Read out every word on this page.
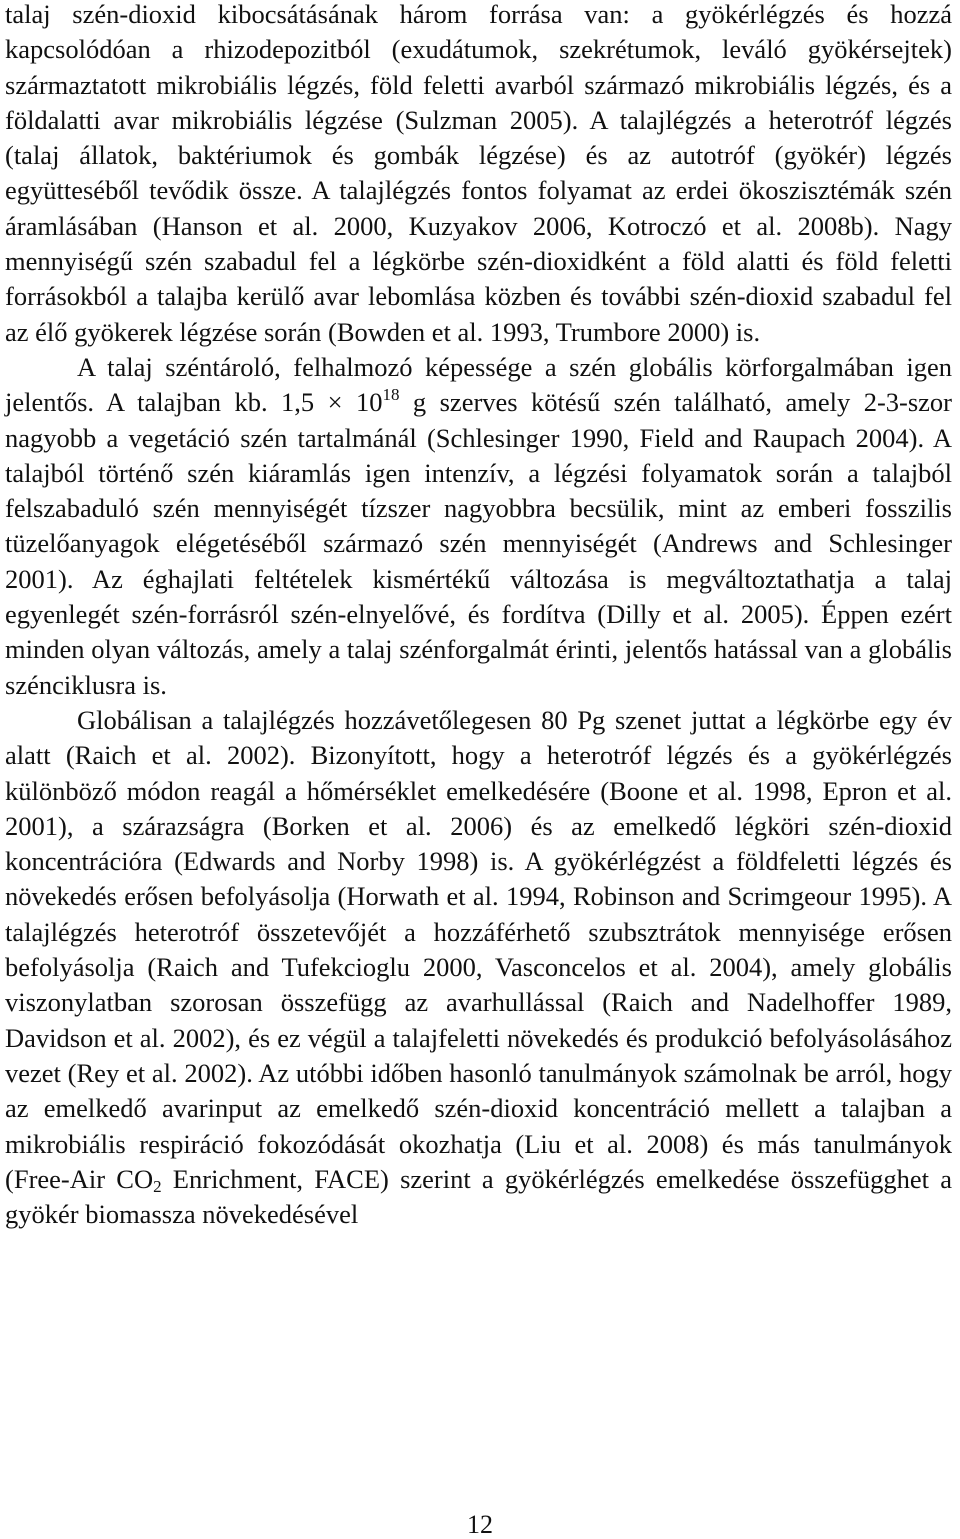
talaj szén-dioxid kibocsátásának három forrása van: a gyökérlégzés és hozzá kapcsolódóan a rhizodepozitból (exudátumok, szekrétumok, leváló gyökérsejtek) származtatott mikrobiális légzés, föld feletti avarból származó mikrobiális légzés, és a földalatti avar mikrobiális légzése (Sulzman 2005). A talajlégzés a heterotróf légzés (talaj állatok, baktériumok és gombák légzése) és az autotróf (gyökér) légzés együtteséből tevődik össze. A talajlégzés fontos folyamat az erdei ökoszisztémák szén áramlásában (Hanson et al. 2000, Kuzyakov 2006, Kotroczó et al. 2008b). Nagy mennyiségű szén szabadul fel a légkörbe szén-dioxidként a föld alatti és föld feletti forrásokból a talajba kerülő avar lebomlása közben és további szén-dioxid szabadul fel az élő gyökerek légzése során (Bowden et al. 1993, Trumbore 2000) is.

A talaj széntároló, felhalmozó képessége a szén globális körforgalmában igen jelentős. A talajban kb. $1,5 \times 10^{18}$ g szerves kötésű szén található, amely 2-3-szor nagyobb a vegetáció szén tartalmánál (Schlesinger 1990, Field and Raupach 2004). A talajból történő szén kiáramlás igen intenzív, a légzési folyamatok során a talajból felszabaduló szén mennyiségét tízszer nagyobbra becsülik, mint az emberi fosszilis tüzelőanyagok elégetéséből származó szén mennyiségét (Andrews and Schlesinger 2001). Az éghajlati feltételek kismértékű változása is megváltoztathatja a talaj egyenlegét szén-forrásról szén-elnyelővé, és fordítva (Dilly et al. 2005). Éppen ezért minden olyan változás, amely a talaj szénforgalmát érinti, jelentős hatással van a globális szénciklusra is.

Globálisan a talajlégzés hozzávetőlegesen 80 Pg szenet juttat a légkörbe egy év alatt (Raich et al. 2002). Bizonyított, hogy a heterotróf légzés és a gyökérlégzés különböző módon reagál a hőmérséklet emelkedésére (Boone et al. 1998, Epron et al. 2001), a szárazságra (Borken et al. 2006) és az emelkedő légköri szén-dioxid koncentrációra (Edwards and Norby 1998) is. A gyökérlégzést a földfeletti légzés és növekedés erősen befolyásolja (Horwath et al. 1994, Robinson and Scrimgeour 1995). A talajlégzés heterotróf összetevőjét a hozzáférhető szubsztrátok mennyisége erősen befolyásolja (Raich and Tufekcioglu 2000, Vasconcelos et al. 2004), amely globális viszonylatban szorosan összefügg az avarhullással (Raich and Nadelhoffer 1989, Davidson et al. 2002), és ez végül a talajfeletti növekedés és produkció befolyásolásához vezet (Rey et al. 2002). Az utóbbi időben hasonló tanulmányok számolnak be arról, hogy az emelkedő avarinput az emelkedő szén-dioxid koncentráció mellett a talajban a mikrobiális respiráció fokozódását okozhatja (Liu et al. 2008) és más tanulmányok (Free-Air $CO_2$ Enrichment, FACE) szerint a gyökérlégzés emelkedése összefügghet a gyökér biomassza növekedésével

12
